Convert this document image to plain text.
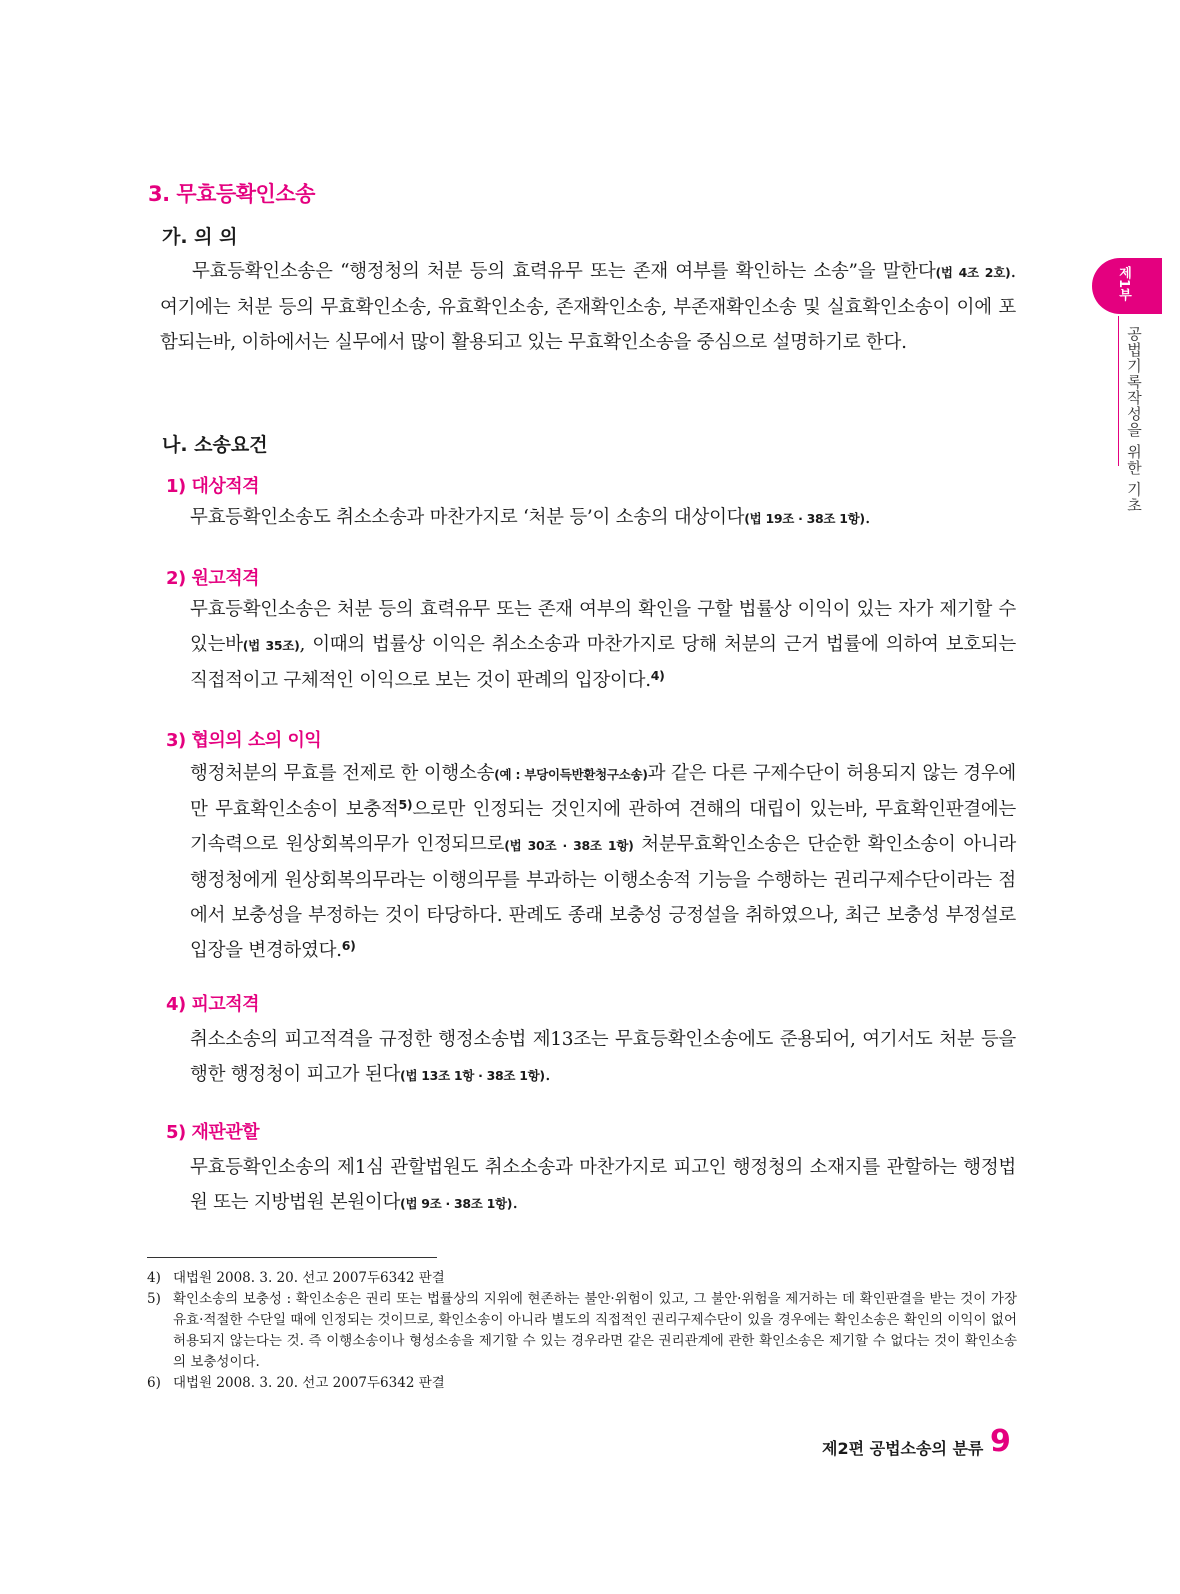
3. 무효등확인소송
가. 의 의

무효등확인소송은 “행정청의 처분 등의 효력유무 또는 존재 여부를 확인하는 소송”을 말한다(법 4조 2호). 여기에는 처분 등의 무효확인소송, 유효확인소송, 존재확인소송, 부존재확인소송 및 실효확인소송이 이에 포함되는바, 이하에서는 실무에서 많이 활용되고 있는 무효확인소송을 중심으로 설명하기로 한다.

나. 소송요건
1) 대상적격

무효등확인소송도 취소소송과 마찬가지로 ‘처분 등’이 소송의 대상이다(법 19조 · 38조 1항).

2) 원고적격

무효등확인소송은 처분 등의 효력유무 또는 존재 여부의 확인을 구할 법률상 이익이 있는 자가 제기할 수 있는바(법 35조), 이때의 법률상 이익은 취소소송과 마찬가지로 당해 처분의 근거 법률에 의하여 보호되는 직접적이고 구체적인 이익으로 보는 것이 판례의 입장이다.$^{4)}$

3) 협의의 소의 이익

행정처분의 무효를 전제로 한 이행소송(예 : 부당이득반환청구소송)과 같은 다른 구제수단이 허용되지 않는 경우에만 무효확인소송이 보충적$^{5)}$으로만 인정되는 것인지에 관하여 견해의 대립이 있는바, 무효확인판결에는 기속력으로 원상회복의무가 인정되므로(법 30조 · 38조 1항) 처분무효확인소송은 단순한 확인소송이 아니라 행정청에게 원상회복의무라는 이행의무를 부과하는 이행소송적 기능을 수행하는 권리구제수단이라는 점에서 보충성을 부정하는 것이 타당하다. 판례도 종래 보충성 긍정설을 취하였으나, 최근 보충성 부정설로 입장을 변경하였다.$^{6)}$

4) 피고적격

취소소송의 피고적격을 규정한 행정소송법 제13조는 무효등확인소송에도 준용되어, 여기서도 처분 등을 행한 행정청이 피고가 된다(법 13조 1항 · 38조 1항).

5) 재판관할

무효등확인소송의 제1심 관할법원도 취소소송과 마찬가지로 피고인 행정청의 소재지를 관할하는 행정법원 또는 지방법원 본원이다(법 9조 · 38조 1항).

4) 대법원 2008. 3. 20. 선고 2007두6342 판결
5) 확인소송의 보충성 : 확인소송은 권리 또는 법률상의 지위에 현존하는 불안·위험이 있고, 그 불안·위험을 제거하는 데 확인판결을 받는 것이 가장 유효·적절한 수단일 때에 인정되는 것이므로, 확인소송이 아니라 별도의 직접적인 권리구제수단이 있을 경우에는 확인소송은 확인의 이익이 없어 허용되지 않는다는 것. 즉 이행소송이나 형성소송을 제기할 수 있는 경우라면 같은 권리관계에 관한 확인소송은 제기할 수 없다는 것이 확인소송의 보충성이다.
6) 대법원 2008. 3. 20. 선고 2007두6342 판결
제1부
공법기록작성을 위한 기초
제2편 공법소송의 분류 9
